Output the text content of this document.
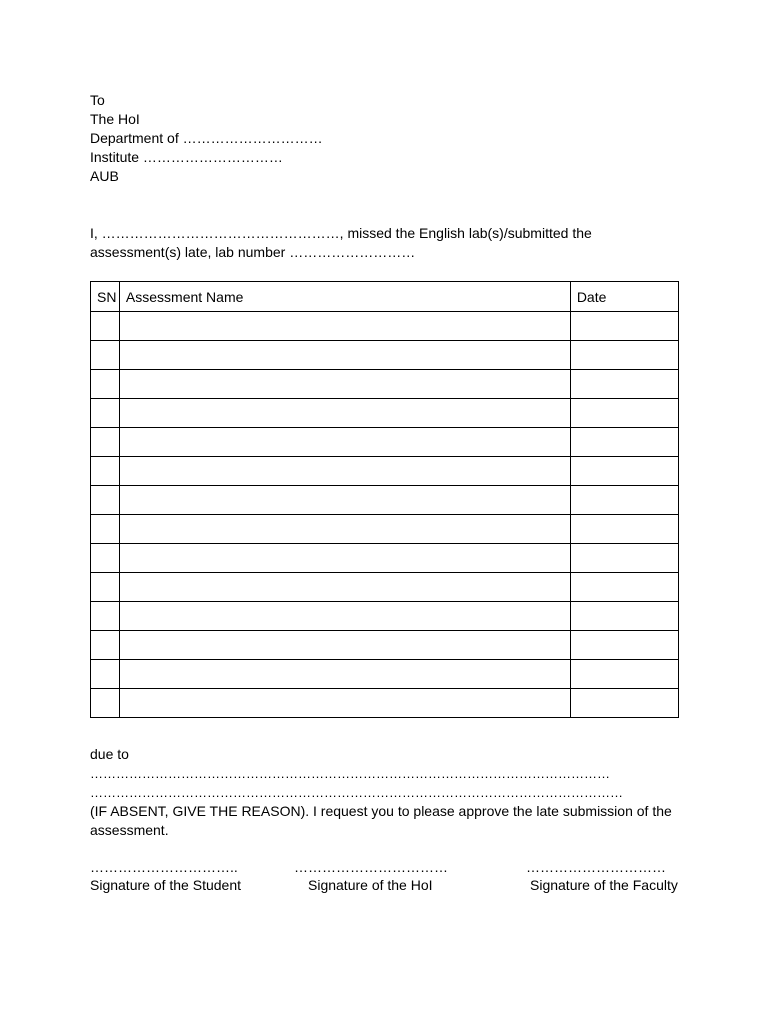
To
The HoI
Department of …………………………
Institute …………………………
AUB
I, ……………………………………………, missed the English lab(s)/submitted the
assessment(s) late, lab number ………………………
SN	Assessment Name	Date

due to
…………………………………………………………………………………………………………
……………………………………………………………………………………………………………
(IF ABSENT, GIVE THE REASON). I request you to please approve the late submission of the
assessment.
…………………………..
Signature of the Student
……………………………
Signature of the HoI
…………………………
Signature of the Faculty
